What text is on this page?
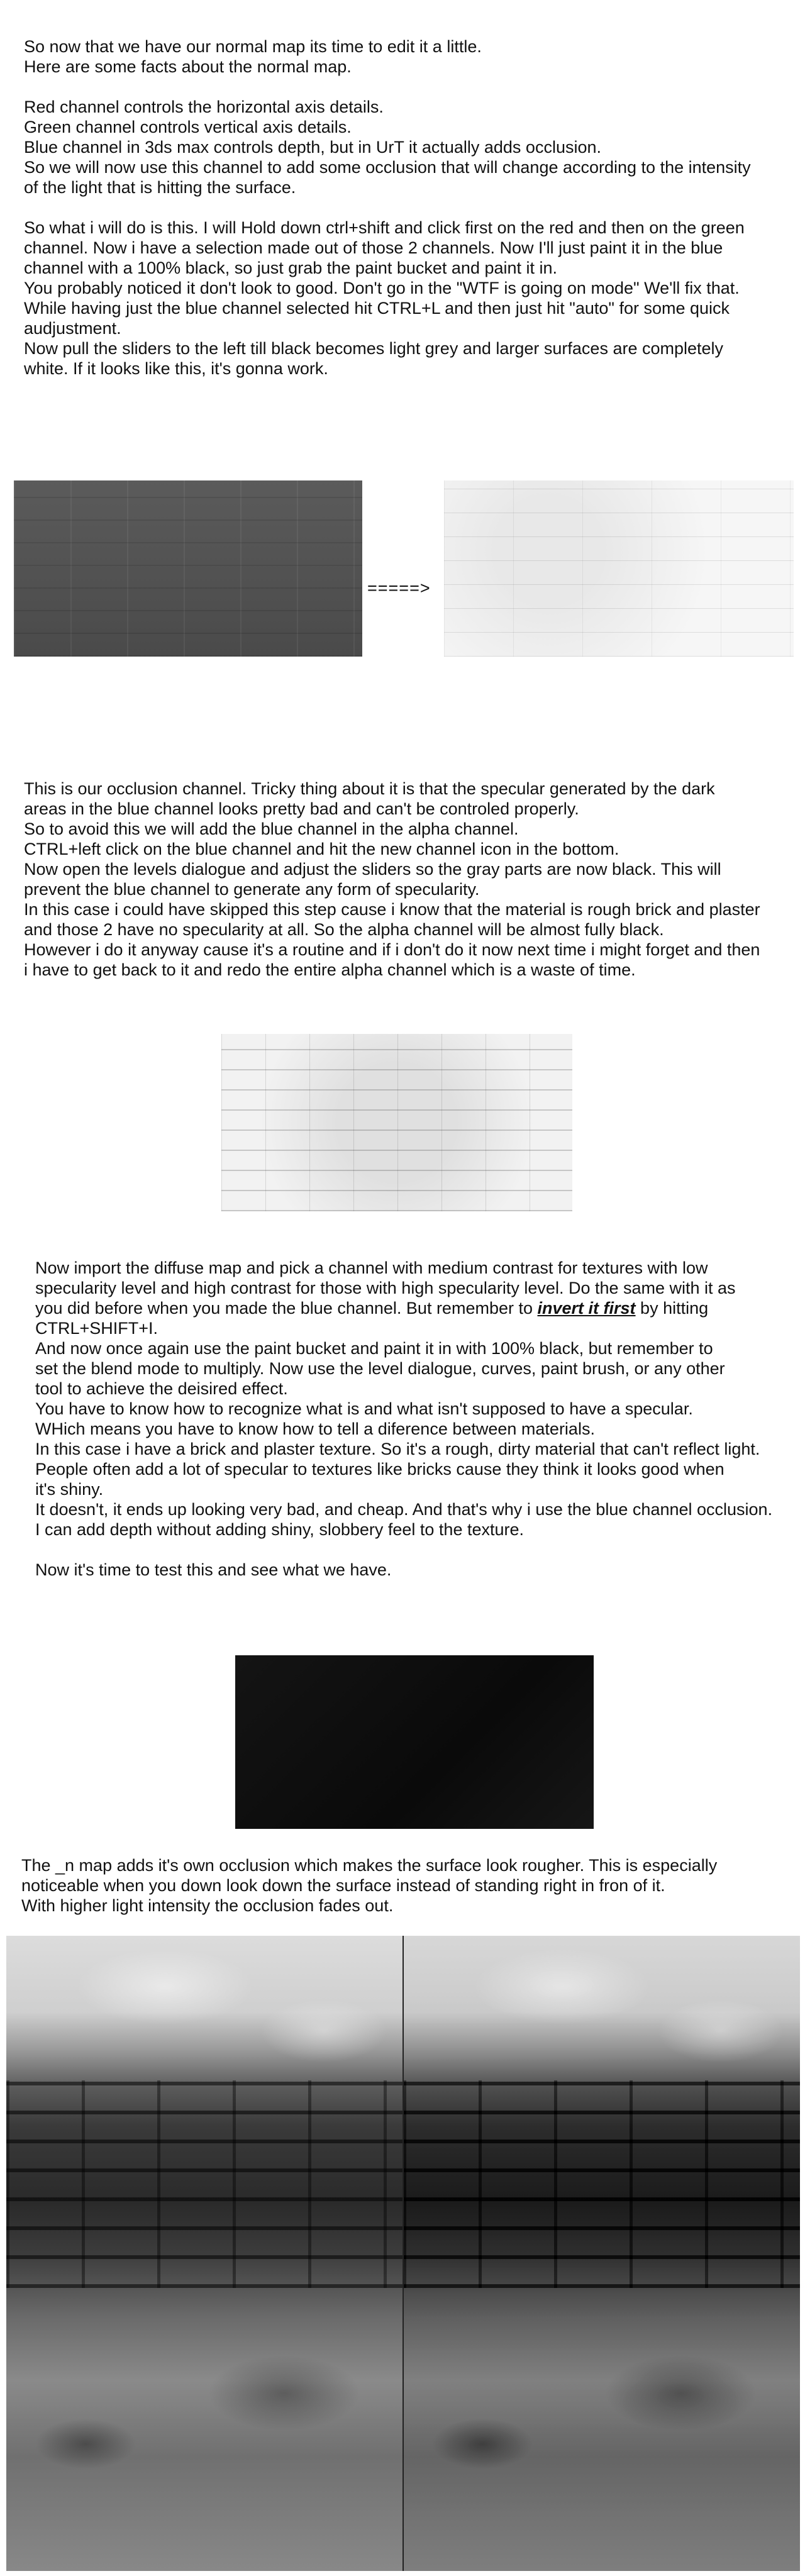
So now that we have our normal map its time to edit it a little.

Here are some facts about the normal map.

Red channel controls the horizontal axis details.

Green channel controls vertical axis details.

Blue channel in 3ds max controls depth, but in UrT it actually adds occlusion.

So we will now use this channel to add some occlusion that will change according to the intensity

of the light that is hitting the surface.

So what i will do is this. I will Hold down ctrl+shift and click first on the red and then on the green

channel. Now i have a selection made out of those 2 channels. Now I'll just paint it in the blue

channel with a 100% black, so just grab the paint bucket and paint it in.

You probably noticed it don't look to good. Don't go in the "WTF is going on mode" We'll fix that.

While having just the blue channel selected hit CTRL+L and then just hit "auto" for some quick

audjustment.

Now pull the sliders to the left till black becomes light grey and larger surfaces are completely

white. If it looks like this, it's gonna work.

=====>

This is our occlusion channel. Tricky thing about it is that the specular generated by the dark

areas in the blue channel looks pretty bad and can't be controled properly.

So to avoid this we will add the blue channel in the alpha channel.

CTRL+left click on the blue channel and hit the new channel icon in the bottom.

Now open the levels dialogue and adjust the sliders so the gray parts are now black. This will

prevent the blue channel to generate any form of specularity.

In this case i could have skipped this step cause i know that the material is rough brick and plaster

and those 2 have no specularity at all. So the alpha channel will be almost fully black.

However i do it anyway cause it's a routine and if i don't do it now next time i might forget and then

i have to get back to it and redo the entire alpha channel which is a waste of time.

Now import the diffuse map and pick a channel with medium contrast for textures with low

specularity level and high contrast for those with high specularity level. Do the same with it as

you did before when you made the blue channel. But remember to invert it first by hitting

CTRL+SHIFT+I.

And now once again use the paint bucket and paint it in with 100% black, but remember to

set the blend mode to multiply. Now use the level dialogue, curves, paint brush, or any other

tool to achieve the deisired effect.

You have to know how to recognize what is and what isn't supposed to have a specular.

WHich means you have to know how to tell a diference between materials.

In this case i have a brick and plaster texture. So it's a rough, dirty material that can't reflect light.

People often add a lot of specular to textures like bricks cause they think it looks good when

it's shiny.

It doesn't, it ends up looking very bad, and cheap. And that's why i use the blue channel occlusion.

I can add depth without adding shiny, slobbery feel to the texture.

Now it's time to test this and see what we have.

The _n map adds it's own occlusion which makes the surface look rougher. This is especially

noticeable when you down look down the surface instead of standing right in fron of it.

With higher light intensity the occlusion fades out.
